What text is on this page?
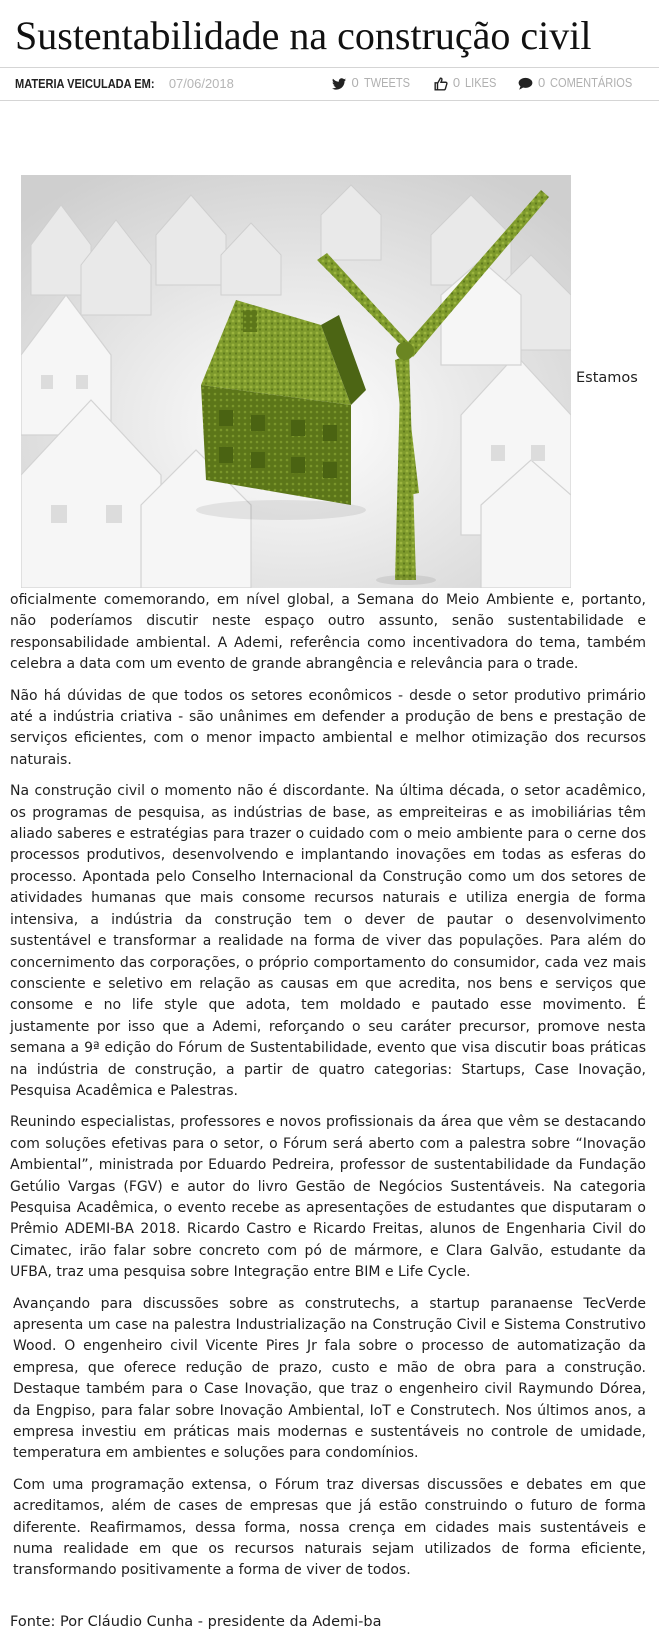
Sustentabilidade na construção civil
MATERIA VEICULADA EM: 07/06/2018	0 TWEETS	0 LIKES	0 COMENTÁRIOS
Estamos

oficialmente comemorando, em nível global, a Semana do Meio Ambiente e, portanto, não poderíamos discutir neste espaço outro assunto, senão sustentabilidade e responsabilidade ambiental. A Ademi, referência como incentivadora do tema, também celebra a data com um evento de grande abrangência e relevância para o trade.

Não há dúvidas de que todos os setores econômicos - desde o setor produtivo primário até a indústria criativa - são unânimes em defender a produção de bens e prestação de serviços eficientes, com o menor impacto ambiental e melhor otimização dos recursos naturais.

Na construção civil o momento não é discordante. Na última década, o setor acadêmico, os programas de pesquisa, as indústrias de base, as empreiteiras e as imobiliárias têm aliado saberes e estratégias para trazer o cuidado com o meio ambiente para o cerne dos processos produtivos, desenvolvendo e implantando inovações em todas as esferas do processo. Apontada pelo Conselho Internacional da Construção como um dos setores de atividades humanas que mais consome recursos naturais e utiliza energia de forma intensiva, a indústria da construção tem o dever de pautar o desenvolvimento sustentável e transformar a realidade na forma de viver das populações. Para além do concernimento das corporações, o próprio comportamento do consumidor, cada vez mais consciente e seletivo em relação as causas em que acredita, nos bens e serviços que consome e no life style que adota, tem moldado e pautado esse movimento. É justamente por isso que a Ademi, reforçando o seu caráter precursor, promove nesta semana a 9ª edição do Fórum de Sustentabilidade, evento que visa discutir boas práticas na indústria de construção, a partir de quatro categorias: Startups, Case Inovação, Pesquisa Acadêmica e Palestras.

Reunindo especialistas, professores e novos profissionais da área que vêm se destacando com soluções efetivas para o setor, o Fórum será aberto com a palestra sobre “Inovação Ambiental”, ministrada por Eduardo Pedreira, professor de sustentabilidade da Fundação Getúlio Vargas (FGV) e autor do livro Gestão de Negócios Sustentáveis. Na categoria Pesquisa Acadêmica, o evento recebe as apresentações de estudantes que disputaram o Prêmio ADEMI-BA 2018. Ricardo Castro e Ricardo Freitas, alunos de Engenharia Civil do Cimatec, irão falar sobre concreto com pó de mármore, e Clara Galvão, estudante da UFBA, traz uma pesquisa sobre Integração entre BIM e Life Cycle.

Avançando para discussões sobre as construtechs, a startup paranaense TecVerde apresenta um case na palestra Industrialização na Construção Civil e Sistema Construtivo Wood. O engenheiro civil Vicente Pires Jr fala sobre o processo de automatização da empresa, que oferece redução de prazo, custo e mão de obra para a construção. Destaque também para o Case Inovação, que traz o engenheiro civil Raymundo Dórea, da Engpiso, para falar sobre Inovação Ambiental, IoT e Construtech. Nos últimos anos, a empresa investiu em práticas mais modernas e sustentáveis no controle de umidade, temperatura em ambientes e soluções para condomínios.

Com uma programação extensa, o Fórum traz diversas discussões e debates em que acreditamos, além de cases de empresas que já estão construindo o futuro de forma diferente. Reafirmamos, dessa forma, nossa crença em cidades mais sustentáveis e numa realidade em que os recursos naturais sejam utilizados de forma eficiente, transformando positivamente a forma de viver de todos.

Fonte: Por Cláudio Cunha - presidente da Ademi-ba
